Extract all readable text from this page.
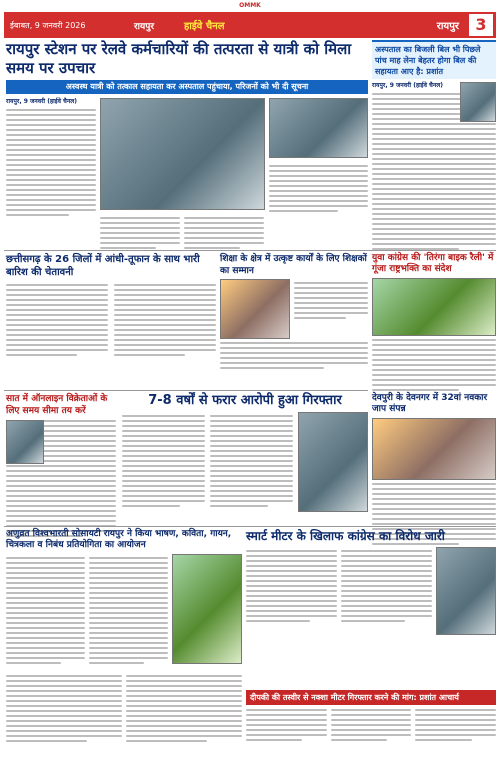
OMMK
ईबाबत, 9 जनवरी 2026	रायपुर	हाईवे चैनल	रायपुर	3
रायपुर स्टेशन पर रेलवे कर्मचारियों की तत्परता से यात्री को मिला समय पर उपचार
अस्वस्थ यात्री को तत्काल सहायता कर अस्पताल पहुंचाया, परिजनों को भी दी सूचना
रायपुर, 9 जनवरी (हाईवे चैनल)
अस्पताल का बिजली बिल भी पिछले पांच माह लेना बेहतर होगा बिल की सहायता आए है: प्रशांत
रायपुर, 9 जनवरी (हाईवे चैनल)
छत्तीसगढ़ के 26 जिलों में आंधी-तूफान के साथ भारी बारिश की चेतावनी
शिक्षा के क्षेत्र में उत्कृष्ट कार्यों के लिए शिक्षकों का सम्मान
युवा कांग्रेस की 'तिरंगा बाइक रैली' में गूंजा राष्ट्रभक्ति का संदेश
सात में ऑनलाइन विक्रेताओं के लिए समय सीमा तय करें
7-8 वर्षों से फरार आरोपी हुआ गिरफ्तार	देवपुरी के देवनगर में 32वां नवकार जाप संपन्न
अणुव्रत विश्वभारती सोसायटी रायपुर ने किया भाषण, कविता, गायन, चित्रकला व निबंध प्रतियोगिता का आयोजन
स्मार्ट मीटर के खिलाफ कांग्रेस का विरोध जारी
दीपकी की तस्वीर से नक्शा मीटर गिरफ्तार करने की मांग: प्रशांत आचार्य
